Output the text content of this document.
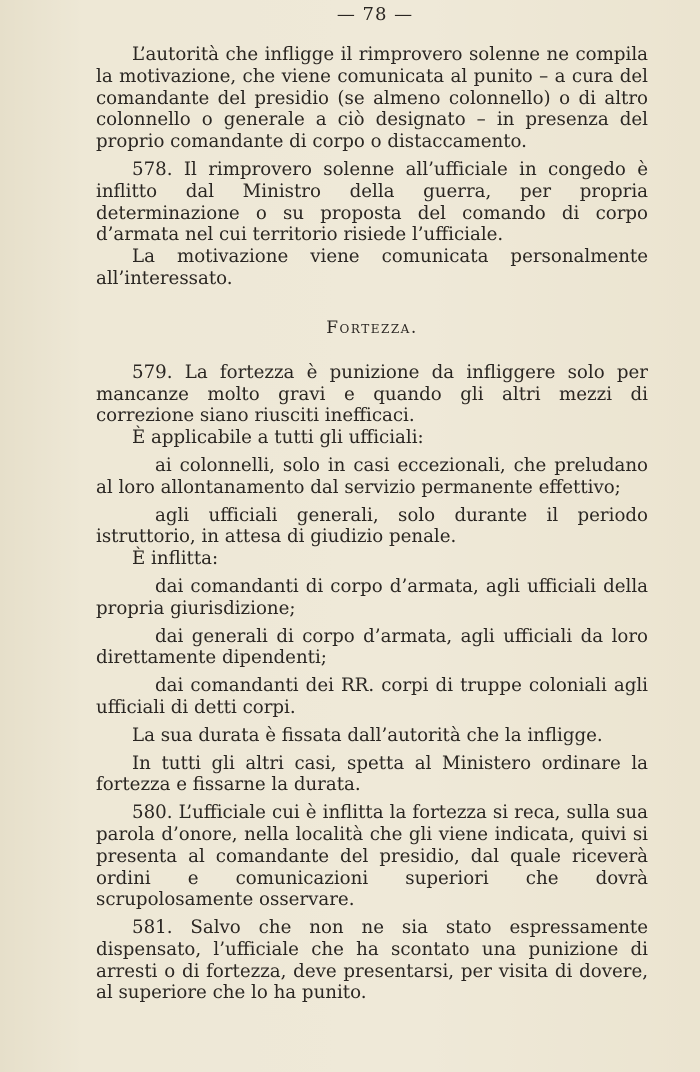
— 78 —

L’autorità che infligge il rimprovero solenne ne compila la motivazione, che viene comunicata al punito – a cura del comandante del presidio (se almeno colonnello) o di altro colonnello o generale a ciò designato – in presenza del proprio comandante di corpo o distaccamento.

578. Il rimprovero solenne all’ufficiale in congedo è inflitto dal Ministro della guerra, per propria determinazione o su proposta del comando di corpo d’armata nel cui territorio risiede l’ufficiale.

La motivazione viene comunicata personalmente all’interessato.

Fortezza.

579. La fortezza è punizione da infliggere solo per mancanze molto gravi e quando gli altri mezzi di correzione siano riusciti inefficaci.

È applicabile a tutti gli ufficiali:

ai colonnelli, solo in casi eccezionali, che preludano al loro allontanamento dal servizio permanente effettivo;

agli ufficiali generali, solo durante il periodo istruttorio, in attesa di giudizio penale.

È inflitta:

dai comandanti di corpo d’armata, agli ufficiali della propria giurisdizione;

dai generali di corpo d’armata, agli ufficiali da loro direttamente dipendenti;

dai comandanti dei RR. corpi di truppe coloniali agli ufficiali di detti corpi.

La sua durata è fissata dall’autorità che la infligge.

In tutti gli altri casi, spetta al Ministero ordinare la fortezza e fissarne la durata.

580. L’ufficiale cui è inflitta la fortezza si reca, sulla sua parola d’onore, nella località che gli viene indicata, quivi si presenta al comandante del presidio, dal quale riceverà ordini e comunicazioni superiori che dovrà scrupolosamente osservare.

581. Salvo che non ne sia stato espressamente dispensato, l’ufficiale che ha scontato una punizione di arresti o di fortezza, deve presentarsi, per visita di dovere, al superiore che lo ha punito.
